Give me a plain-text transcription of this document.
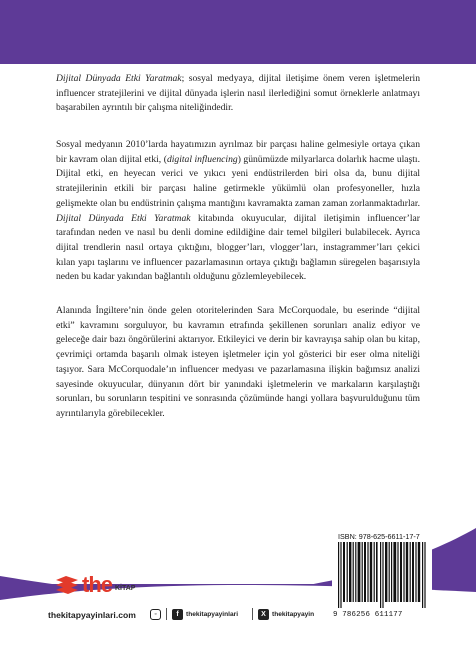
Dijital Dünyada Etki Yaratmak; sosyal medyaya, dijital iletişime önem veren işletmelerin influencer stratejilerini ve dijital dünyada işlerin nasıl ilerlediğini somut örneklerle anlatmayı başarabilen ayrıntılı bir çalışma niteliğindedir.

Sosyal medyanın 2010’larda hayatımızın ayrılmaz bir parçası haline gelmesiyle ortaya çıkan bir kavram olan dijital etki, (digital influencing) günümüzde milyarlarca dolarlık hacme ulaştı. Dijital etki, en heyecan verici ve yıkıcı yeni endüstrilerden biri olsa da, bunu dijital stratejilerinin etkili bir parçası haline getirmekle yükümlü olan profesyoneller, hızla gelişmekte olan bu endüstrinin çalışma mantığını kavramakta zaman zaman zorlanmaktadırlar. Dijital Dünyada Etki Yaratmak kitabında okuyucular, dijital iletişimin influencer’lar tarafından neden ve nasıl bu denli domine edildiğine dair temel bilgileri bulabilecek. Ayrıca dijital trendlerin nasıl ortaya çıktığını, blogger’ları, vlogger’ları, instagrammer’ları çekici kılan yapı taşlarını ve influencer pazarlamasının ortaya çıktığı bağlamın süregelen başarısıyla neden bu kadar yakından bağlantılı olduğunu gözlemleyebilecek.

Alanında İngiltere’nin önde gelen otoritelerinden Sara McCorquodale, bu eserinde “dijital etki” kavramını sorguluyor, bu kavramın etrafında şekillenen sorunları analiz ediyor ve geleceğe dair bazı öngörülerini aktarıyor. Etkileyici ve derin bir kavrayışa sahip olan bu kitap, çevrimiçi ortamda başarılı olmak isteyen işletmeler için yol gösterici bir eser olma niteliği taşıyor. Sara McCorquodale’ın influencer medyası ve pazarlamasına ilişkin bağımsız analizi sayesinde okuyucular, dünyanın dört bir yanındaki işletmelerin ve markaların karşılaştığı sorunları, bu sorunların tespitini ve sonrasında çözümünde hangi yollara başvurulduğunu tüm ayrıntılarıyla görebilecekler.

ISBN: 978-625-6611-17-7
9 786256 611177
the KİTAP
thekitapyayinlari.com	◦	f	thekitapyayinlari	X thekitapyayin
